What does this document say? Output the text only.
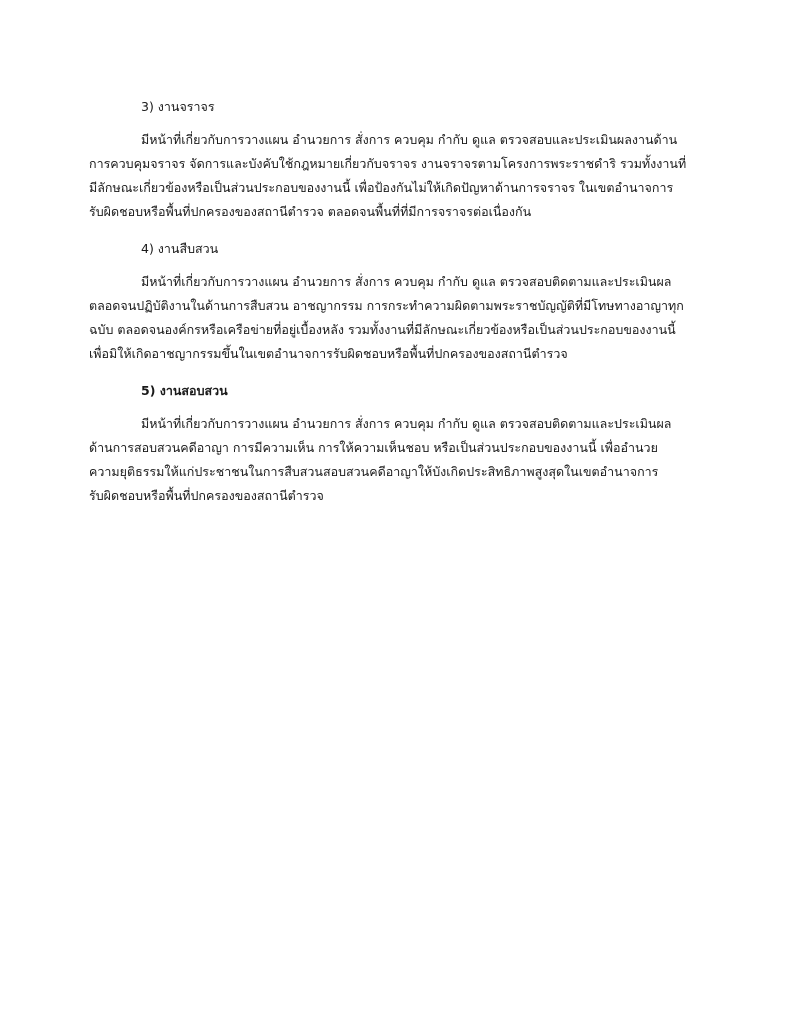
3) งานจราจร
มีหน้าที่เกี่ยวกับการวางแผน อำนวยการ สั่งการ ควบคุม กำกับ ดูแล ตรวจสอบและประเมินผลงานด้าน
การควบคุมจราจร จัดการและบังคับใช้กฎหมายเกี่ยวกับจราจร งานจราจรตามโครงการพระราชดำริ รวมทั้งงานที่
มีลักษณะเกี่ยวข้องหรือเป็นส่วนประกอบของงานนี้ เพื่อป้องกันไม่ให้เกิดปัญหาด้านการจราจร ในเขตอำนาจการ
รับผิดชอบหรือพื้นที่ปกครองของสถานีตำรวจ ตลอดจนพื้นที่ที่มีการจราจรต่อเนื่องกัน
4) งานสืบสวน
มีหน้าที่เกี่ยวกับการวางแผน อำนวยการ สั่งการ ควบคุม กำกับ ดูแล ตรวจสอบติดตามและประเมินผล
ตลอดจนปฏิบัติงานในด้านการสืบสวน อาชญากรรม การกระทำความผิดตามพระราชบัญญัติที่มีโทษทางอาญาทุก
ฉบับ ตลอดจนองค์กรหรือเครือข่ายที่อยู่เบื้องหลัง รวมทั้งงานที่มีลักษณะเกี่ยวข้องหรือเป็นส่วนประกอบของงานนี้
เพื่อมิให้เกิดอาชญากรรมขึ้นในเขตอำนาจการรับผิดชอบหรือพื้นที่ปกครองของสถานีตำรวจ
5) งานสอบสวน
มีหน้าที่เกี่ยวกับการวางแผน อำนวยการ สั่งการ ควบคุม กำกับ ดูแล ตรวจสอบติดตามและประเมินผล
ด้านการสอบสวนคดีอาญา การมีความเห็น การให้ความเห็นชอบ หรือเป็นส่วนประกอบของงานนี้ เพื่ออำนวย
ความยุติธรรมให้แก่ประชาชนในการสืบสวนสอบสวนคดีอาญาให้บังเกิดประสิทธิภาพสูงสุดในเขตอำนาจการ
รับผิดชอบหรือพื้นที่ปกครองของสถานีตำรวจ
